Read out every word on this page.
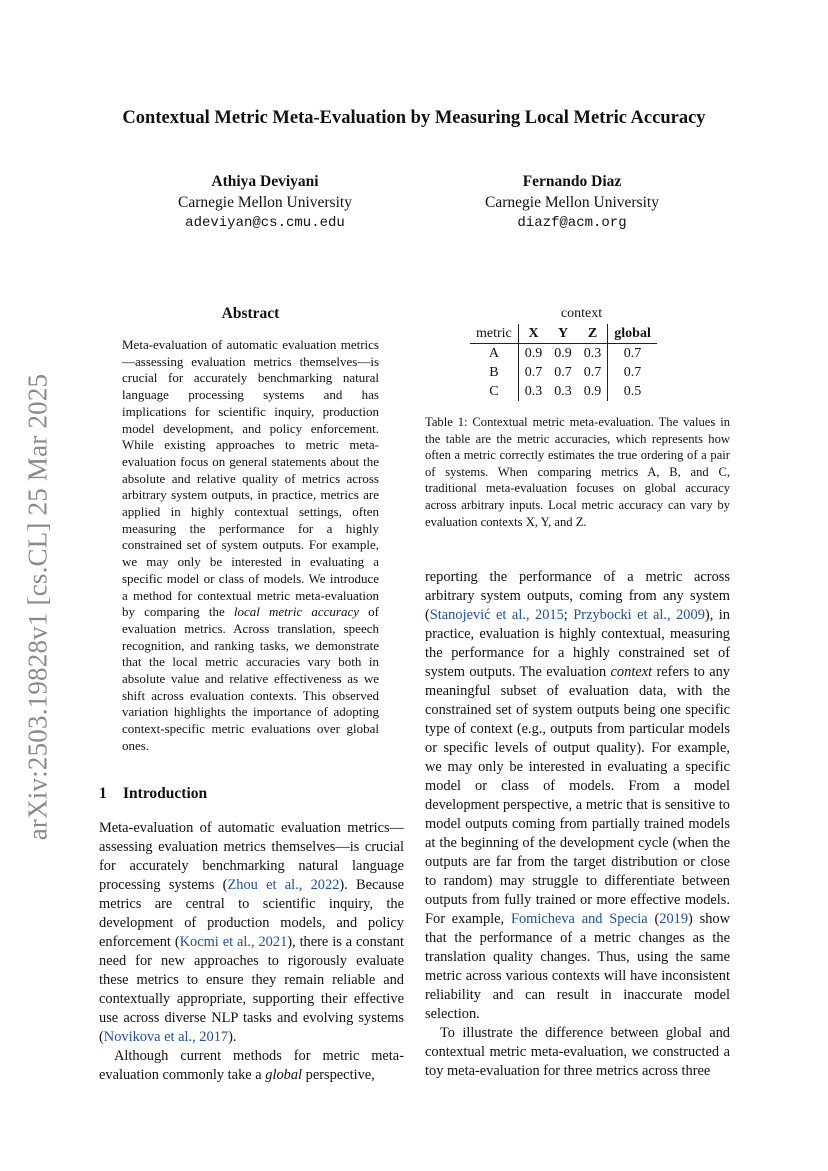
Contextual Metric Meta-Evaluation by Measuring Local Metric Accuracy
Athiya Deviyani
Carnegie Mellon University
adeviyan@cs.cmu.edu
Fernando Diaz
Carnegie Mellon University
diazf@acm.org
arXiv:2503.19828v1 [cs.CL] 25 Mar 2025
Abstract
Meta-evaluation of automatic evaluation metrics—assessing evaluation metrics themselves—is crucial for accurately benchmarking natural language processing systems and has implications for scientific inquiry, production model development, and policy enforcement. While existing approaches to metric meta-evaluation focus on general statements about the absolute and relative quality of metrics across arbitrary system outputs, in practice, metrics are applied in highly contextual settings, often measuring the performance for a highly constrained set of system outputs. For example, we may only be interested in evaluating a specific model or class of models. We introduce a method for contextual metric meta-evaluation by comparing the local metric accuracy of evaluation metrics. Across translation, speech recognition, and ranking tasks, we demonstrate that the local metric accuracies vary both in absolute value and relative effectiveness as we shift across evaluation contexts. This observed variation highlights the importance of adopting context-specific metric evaluations over global ones.
1 Introduction

Meta-evaluation of automatic evaluation metrics—assessing evaluation metrics themselves—is crucial for accurately benchmarking natural language processing systems (Zhou et al., 2022). Because metrics are central to scientific inquiry, the development of production models, and policy enforcement (Kocmi et al., 2021), there is a constant need for new approaches to rigorously evaluate these metrics to ensure they remain reliable and contextually appropriate, supporting their effective use across diverse NLP tasks and evolving systems (Novikova et al., 2017).

Although current methods for metric meta-evaluation commonly take a global perspective,

context
metric	X	Y	Z	global
A	0.9	0.9	0.3	0.7
B	0.7	0.7	0.7	0.7
C	0.3	0.3	0.9	0.5
Table 1: Contextual metric meta-evaluation. The values in the table are the metric accuracies, which represents how often a metric correctly estimates the true ordering of a pair of systems. When comparing metrics A, B, and C, traditional meta-evaluation focuses on global accuracy across arbitrary inputs. Local metric accuracy can vary by evaluation contexts X, Y, and Z.

reporting the performance of a metric across arbitrary system outputs, coming from any system (Stanojević et al., 2015; Przybocki et al., 2009), in practice, evaluation is highly contextual, measuring the performance for a highly constrained set of system outputs. The evaluation context refers to any meaningful subset of evaluation data, with the constrained set of system outputs being one specific type of context (e.g., outputs from particular models or specific levels of output quality). For example, we may only be interested in evaluating a specific model or class of models. From a model development perspective, a metric that is sensitive to model outputs coming from partially trained models at the beginning of the development cycle (when the outputs are far from the target distribution or close to random) may struggle to differentiate between outputs from fully trained or more effective models. For example, Fomicheva and Specia (2019) show that the performance of a metric changes as the translation quality changes. Thus, using the same metric across various contexts will have inconsistent reliability and can result in inaccurate model selection.

To illustrate the difference between global and contextual metric meta-evaluation, we constructed a toy meta-evaluation for three metrics across three
